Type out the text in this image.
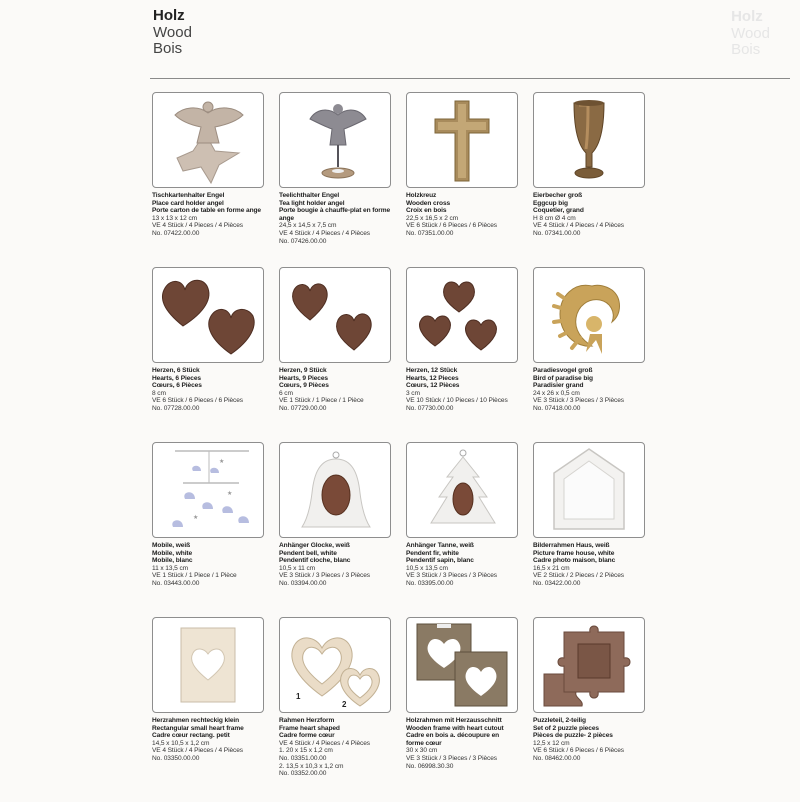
Holz
Wood
Bois
Holz
Wood
Bois
Tischkartenhalter Engel
Place card holder angel
Porte carton de table en forme ange
13 x 13 x 12 cm
VE 4 Stück / 4 Pieces / 4 Pièces
No. 07422.00.00
Teelichthalter Engel
Tea light holder angel
Porte bougie à chauffe-plat en forme ange
24,5 x 14,5 x 7,5 cm
VE 4 Stück / 4 Pieces / 4 Pièces
No. 07426.00.00
Holzkreuz
Wooden cross
Croix en bois
22,5 x 16,5 x 2 cm
VE 6 Stück / 6 Pieces / 6 Pièces
No. 07351.00.00
Eierbecher groß
Eggcup big
Coquetier, grand
H 8 cm Ø 4 cm
VE 4 Stück / 4 Pieces / 4 Pièces
No. 07341.00.00
Herzen, 6 Stück
Hearts, 6 Pieces
Cœurs, 6 Pièces
8 cm
VE 6 Stück / 6 Pieces / 6 Pièces
No. 07728.00.00
Herzen, 9 Stück
Hearts, 9 Pieces
Cœurs, 9 Pièces
6 cm
VE 1 Stück / 1 Piece / 1 Pièce
No. 07729.00.00
Herzen, 12 Stück
Hearts, 12 Pieces
Cœurs, 12 Pièces
3 cm
VE 10 Stück / 10 Pieces / 10 Pièces
No. 07730.00.00
Paradiesvogel groß
Bird of paradise big
Paradisier grand
24 x 26 x 0,5 cm
VE 3 Stück / 3 Pieces / 3 Pièces
No. 07418.00.00
★
★
★
Mobile, weiß
Mobile, white
Mobile, blanc
11 x 13,5 cm
VE 1 Stück / 1 Piece / 1 Pièce
No. 03443.00.00
Anhänger Glocke, weiß
Pendent bell, white
Pendentif cloche, blanc
10,5 x 11 cm
VE 3 Stück / 3 Pieces / 3 Pièces
No. 03394.00.00
Anhänger Tanne, weiß
Pendent fir, white
Pendentif sapin, blanc
10,5 x 13,5 cm
VE 3 Stück / 3 Pieces / 3 Pièces
No. 03395.00.00
Bilderrahmen Haus, weiß
Picture frame house, white
Cadre photo maison, blanc
16,5 x 21 cm
VE 2 Stück / 2 Pieces / 2 Pièces
No. 03422.00.00
Herzrahmen rechteckig klein
Rectangular small heart frame
Cadre cœur rectang. petit
14,5 x 10,5 x 1,2 cm
VE 4 Stück / 4 Pieces / 4 Pièces
No. 03350.00.00
1
2
Rahmen Herzform
Frame heart shaped
Cadre forme cœur
VE 4 Stück / 4 Pieces / 4 Pièces
1. 20 x 15 x 1,2 cm
No. 03351.00.00
2. 13,5 x 10,3 x 1,2 cm
No. 03352.00.00
Holzrahmen mit Herzausschnitt
Wooden frame with heart cutout
Cadre en bois a. découpure en forme cœur
30 x 30 cm
VE 3 Stück / 3 Pieces / 3 Pièces
No. 06998.30.30
Puzzleteil, 2-teilig
Set of 2 puzzle pieces
Pièces de puzzle- 2 pièces
12,5 x 12 cm
VE 6 Stück / 6 Pieces / 6 Pièces
No. 08462.00.00
